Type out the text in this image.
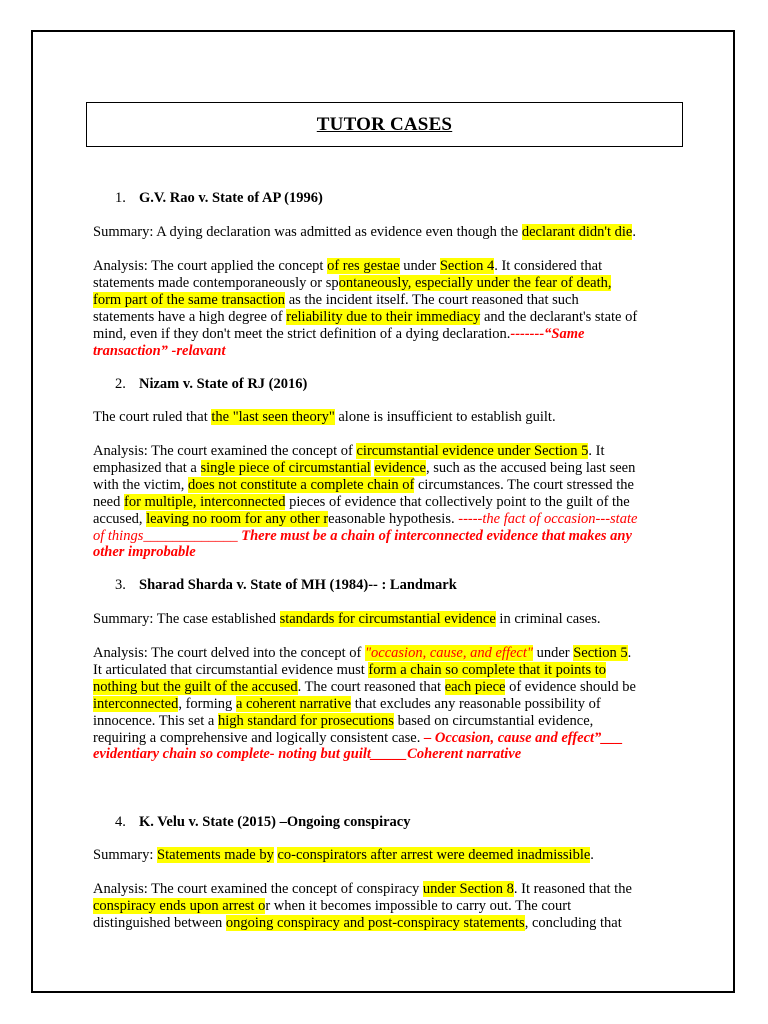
TUTOR CASES
1. G.V. Rao v. State of AP (1996)
Summary: A dying declaration was admitted as evidence even though the declarant didn't die.
Analysis: The court applied the concept of res gestae under Section 4. It considered that
statements made contemporaneously or spontaneously, especially under the fear of death,
form part of the same transaction as the incident itself. The court reasoned that such
statements have a high degree of reliability due to their immediacy and the declarant's state of
mind, even if they don't meet the strict definition of a dying declaration.-------“Same
transaction” -relavant
2. Nizam v. State of RJ (2016)
The court ruled that the "last seen theory" alone is insufficient to establish guilt.
Analysis: The court examined the concept of circumstantial evidence under Section 5. It
emphasized that a single piece of circumstantial evidence, such as the accused being last seen
with the victim, does not constitute a complete chain of circumstances. The court stressed the
need for multiple, interconnected pieces of evidence that collectively point to the guilt of the
accused, leaving no room for any other reasonable hypothesis. -----the fact of occasion---state
of things_____________ There must be a chain of interconnected evidence that makes any
other improbable
3. Sharad Sharda v. State of MH (1984)-- : Landmark
Summary: The case established standards for circumstantial evidence in criminal cases.
Analysis: The court delved into the concept of "occasion, cause, and effect" under Section 5.
It articulated that circumstantial evidence must form a chain so complete that it points to
nothing but the guilt of the accused. The court reasoned that each piece of evidence should be
interconnected, forming a coherent narrative that excludes any reasonable possibility of
innocence. This set a high standard for prosecutions based on circumstantial evidence,
requiring a comprehensive and logically consistent case. – Occasion, cause and effect”___
evidentiary chain so complete- noting but guilt_____Coherent narrative
4. K. Velu v. State (2015) –Ongoing conspiracy
Summary: Statements made by co-conspirators after arrest were deemed inadmissible.
Analysis: The court examined the concept of conspiracy under Section 8. It reasoned that the
conspiracy ends upon arrest or when it becomes impossible to carry out. The court
distinguished between ongoing conspiracy and post-conspiracy statements, concluding that
